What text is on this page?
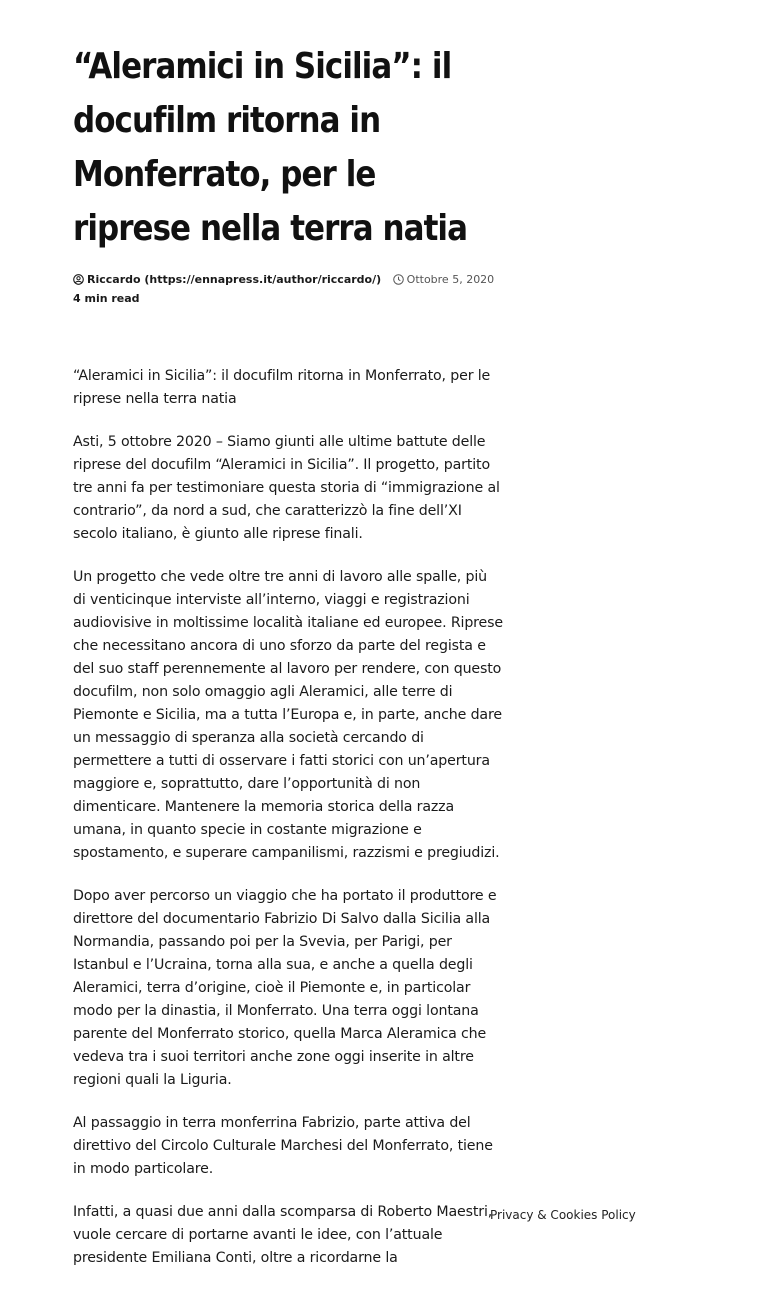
“Aleramici in Sicilia”: il docufilm ritorna in Monferrato, per le riprese nella terra natia
Riccardo (https://ennapress.it/author/riccardo/) Ottobre 5, 2020
4 min read

“Aleramici in Sicilia”: il docufilm ritorna in Monferrato, per le riprese nella terra natia

Asti, 5 ottobre 2020 – Siamo giunti alle ultime battute delle riprese del docufilm “Aleramici in Sicilia”. Il progetto, partito tre anni fa per testimoniare questa storia di “immigrazione al contrario”, da nord a sud, che caratterizzò la fine dell’XI secolo italiano, è giunto alle riprese finali.

Un progetto che vede oltre tre anni di lavoro alle spalle, più di venticinque interviste all’interno, viaggi e registrazioni audiovisive in moltissime località italiane ed europee. Riprese che necessitano ancora di uno sforzo da parte del regista e del suo staff perennemente al lavoro per rendere, con questo docufilm, non solo omaggio agli Aleramici, alle terre di Piemonte e Sicilia, ma a tutta l’Europa e, in parte, anche dare un messaggio di speranza alla società cercando di permettere a tutti di osservare i fatti storici con un’apertura maggiore e, soprattutto, dare l’opportunità di non dimenticare. Mantenere la memoria storica della razza umana, in quanto specie in costante migrazione e spostamento, e superare campanilismi, razzismi e pregiudizi.

Dopo aver percorso un viaggio che ha portato il produttore e direttore del documentario Fabrizio Di Salvo dalla Sicilia alla Normandia, passando poi per la Svevia, per Parigi, per Istanbul e l’Ucraina, torna alla sua, e anche a quella degli Aleramici, terra d’origine, cioè il Piemonte e, in particolar modo per la dinastia, il Monferrato. Una terra oggi lontana parente del Monferrato storico, quella Marca Aleramica che vedeva tra i suoi territori anche zone oggi inserite in altre regioni quali la Liguria.

Al passaggio in terra monferrina Fabrizio, parte attiva del direttivo del Circolo Culturale Marchesi del Monferrato, tiene in modo particolare.

Infatti, a quasi due anni dalla scomparsa di Roberto Maestri, vuole cercare di portarne avanti le idee, con l’attuale presidente Emiliana Conti, oltre a ricordarne la

Privacy & Cookies Policy
